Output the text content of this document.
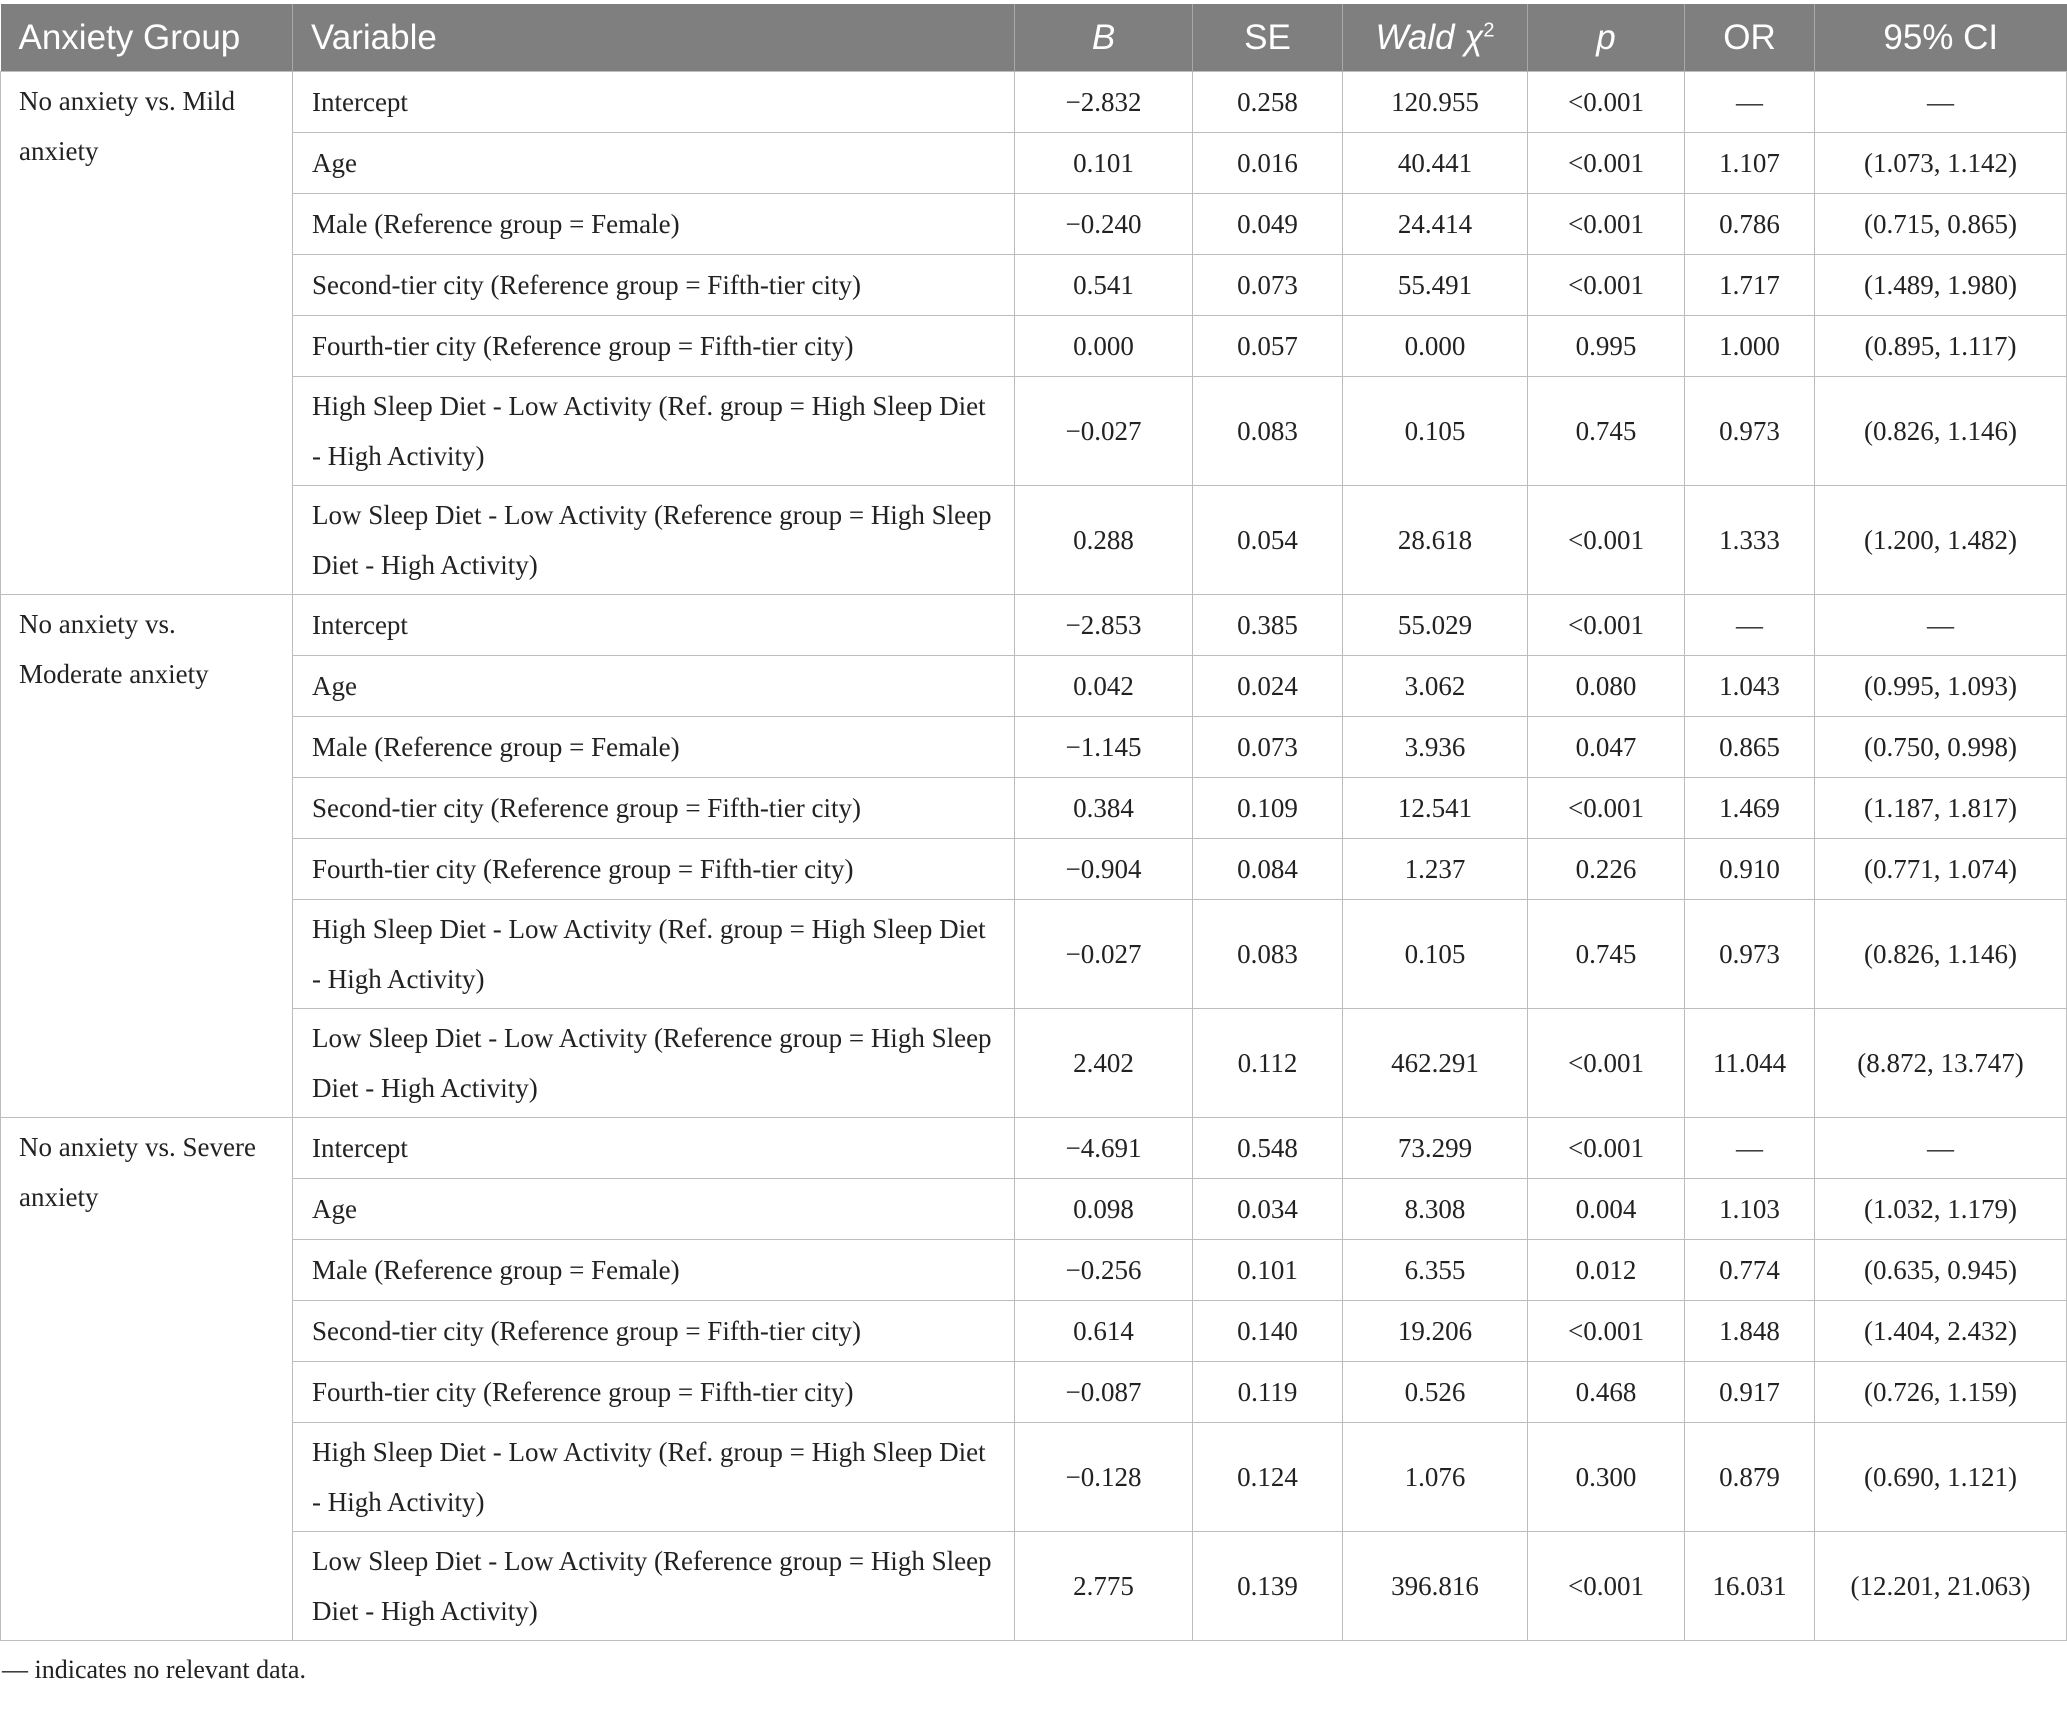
Anxiety Group	Variable	B	SE	Wald $\chi^2$	p	OR	95% CI
No anxiety vs. Mild anxiety	Intercept	−2.832	0.258	120.955	<0.001	—	—
	Age	0.101	0.016	40.441	<0.001	1.107	(1.073, 1.142)
	Male (Reference group = Female)	−0.240	0.049	24.414	<0.001	0.786	(0.715, 0.865)
	Second-tier city (Reference group = Fifth-tier city)	0.541	0.073	55.491	<0.001	1.717	(1.489, 1.980)
	Fourth-tier city (Reference group = Fifth-tier city)	0.000	0.057	0.000	0.995	1.000	(0.895, 1.117)
	High Sleep Diet - Low Activity (Ref. group = High Sleep Diet - High Activity)	−0.027	0.083	0.105	0.745	0.973	(0.826, 1.146)
	Low Sleep Diet - Low Activity (Reference group = High Sleep Diet - High Activity)	0.288	0.054	28.618	<0.001	1.333	(1.200, 1.482)
No anxiety vs. Moderate anxiety	Intercept	−2.853	0.385	55.029	<0.001	—	—
	Age	0.042	0.024	3.062	0.080	1.043	(0.995, 1.093)
	Male (Reference group = Female)	−1.145	0.073	3.936	0.047	0.865	(0.750, 0.998)
	Second-tier city (Reference group = Fifth-tier city)	0.384	0.109	12.541	<0.001	1.469	(1.187, 1.817)
	Fourth-tier city (Reference group = Fifth-tier city)	−0.904	0.084	1.237	0.226	0.910	(0.771, 1.074)
	High Sleep Diet - Low Activity (Ref. group = High Sleep Diet - High Activity)	−0.027	0.083	0.105	0.745	0.973	(0.826, 1.146)
	Low Sleep Diet - Low Activity (Reference group = High Sleep Diet - High Activity)	2.402	0.112	462.291	<0.001	11.044	(8.872, 13.747)
No anxiety vs. Severe anxiety	Intercept	−4.691	0.548	73.299	<0.001	—	—
	Age	0.098	0.034	8.308	0.004	1.103	(1.032, 1.179)
	Male (Reference group = Female)	−0.256	0.101	6.355	0.012	0.774	(0.635, 0.945)
	Second-tier city (Reference group = Fifth-tier city)	0.614	0.140	19.206	<0.001	1.848	(1.404, 2.432)
	Fourth-tier city (Reference group = Fifth-tier city)	−0.087	0.119	0.526	0.468	0.917	(0.726, 1.159)
	High Sleep Diet - Low Activity (Ref. group = High Sleep Diet - High Activity)	−0.128	0.124	1.076	0.300	0.879	(0.690, 1.121)
	Low Sleep Diet - Low Activity (Reference group = High Sleep Diet - High Activity)	2.775	0.139	396.816	<0.001	16.031	(12.201, 21.063)
— indicates no relevant data.
